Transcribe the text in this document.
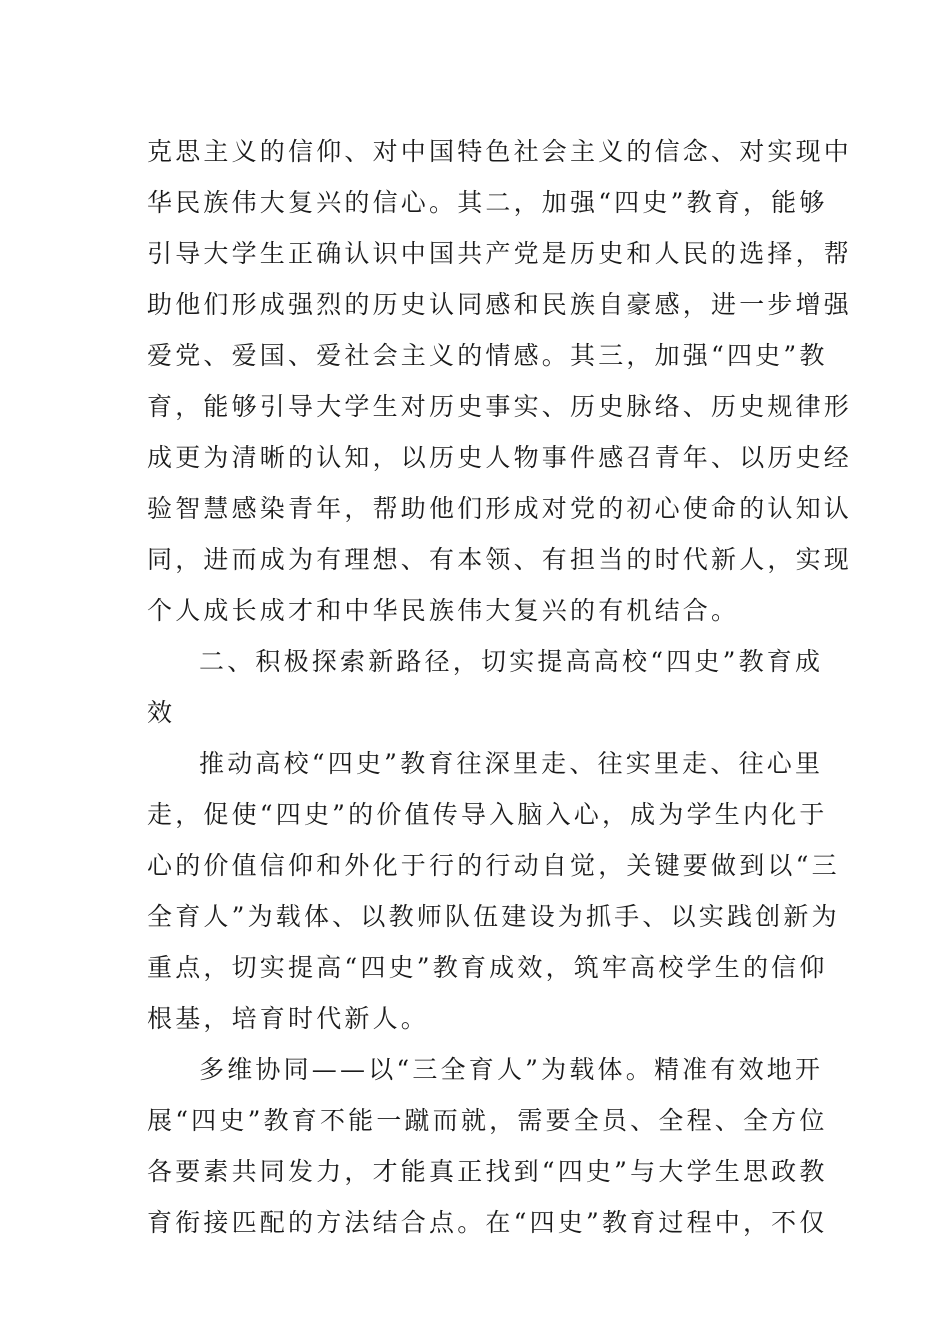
克思主义的信仰、对中国特色社会主义的信念、对实现中
华民族伟大复兴的信心。其二，加强“四史”教育，能够
引导大学生正确认识中国共产党是历史和人民的选择，帮
助他们形成强烈的历史认同感和民族自豪感，进一步增强
爱党、爱国、爱社会主义的情感。其三，加强“四史”教
育，能够引导大学生对历史事实、历史脉络、历史规律形
成更为清晰的认知，以历史人物事件感召青年、以历史经
验智慧感染青年，帮助他们形成对党的初心使命的认知认
同，进而成为有理想、有本领、有担当的时代新人，实现
个人成长成才和中华民族伟大复兴的有机结合。
二、积极探索新路径，切实提高高校“四史”教育成
效
推动高校“四史”教育往深里走、往实里走、往心里
走，促使“四史”的价值传导入脑入心，成为学生内化于
心的价值信仰和外化于行的行动自觉，关键要做到以“三
全育人”为载体、以教师队伍建设为抓手、以实践创新为
重点，切实提高“四史”教育成效，筑牢高校学生的信仰
根基，培育时代新人。
多维协同——以“三全育人”为载体。精准有效地开
展“四史”教育不能一蹴而就，需要全员、全程、全方位
各要素共同发力，才能真正找到“四史”与大学生思政教
育衔接匹配的方法结合点。在“四史”教育过程中，不仅
